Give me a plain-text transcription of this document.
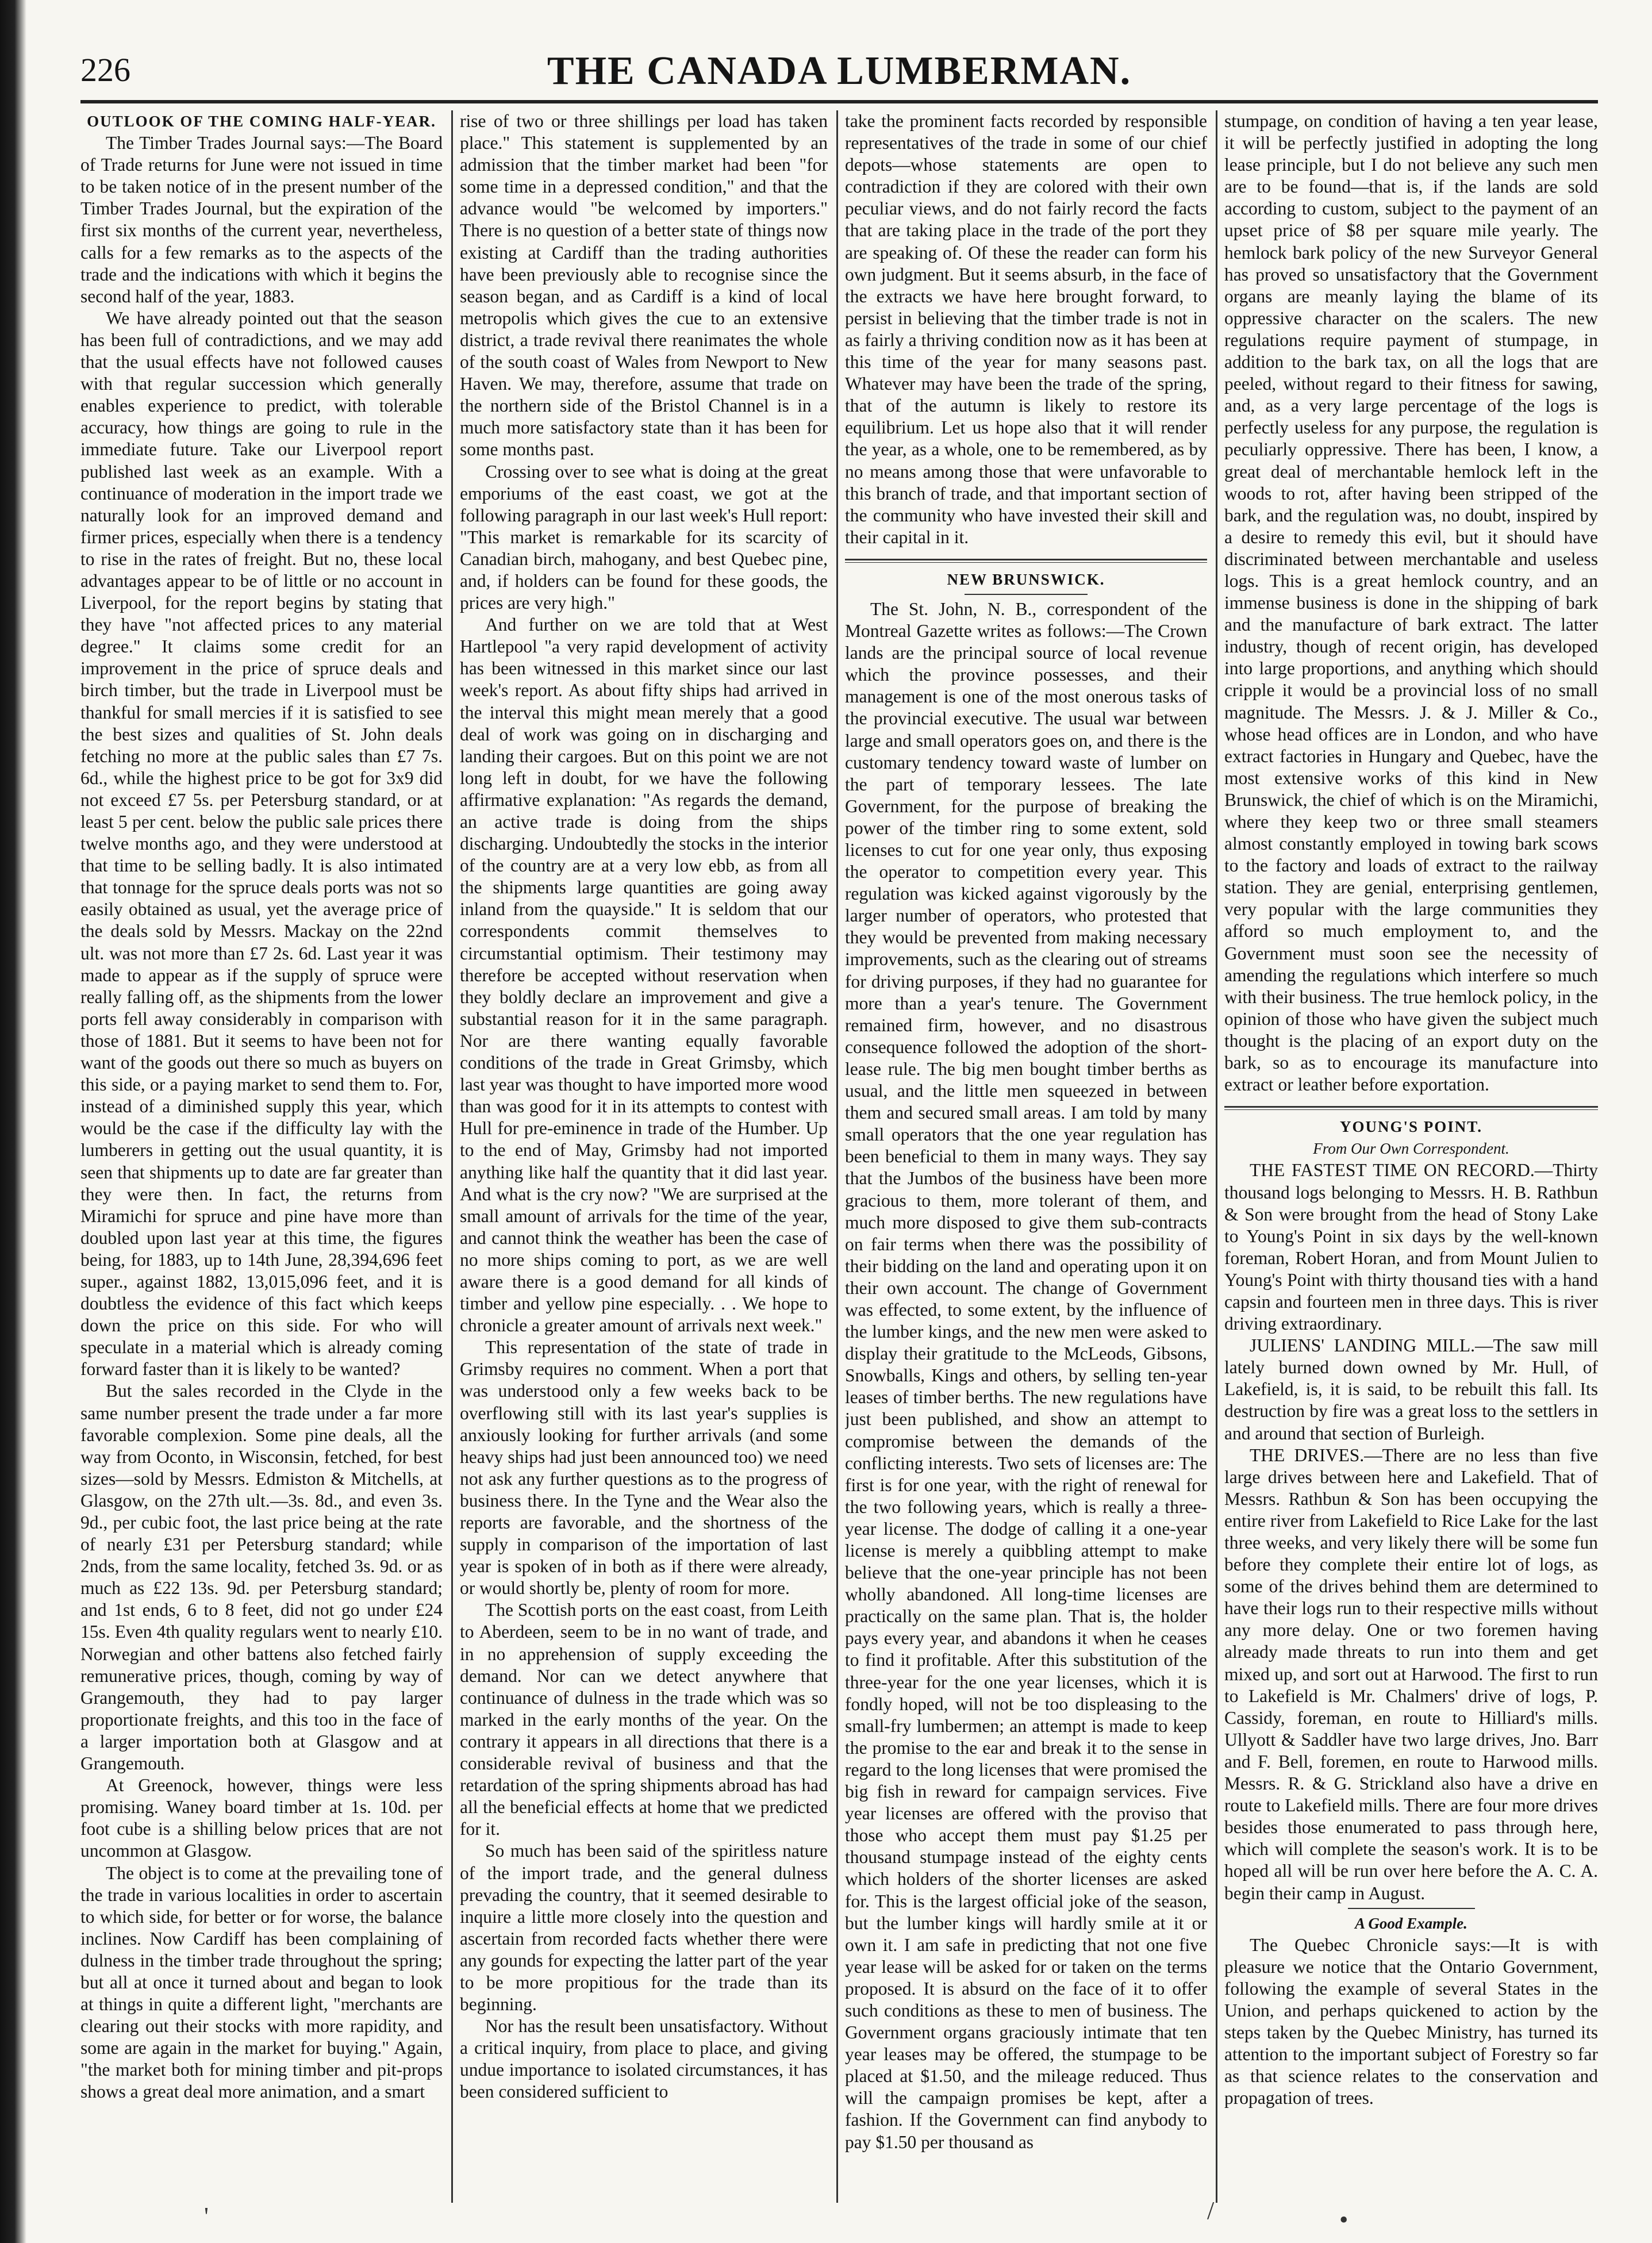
226	THE CANADA LUMBERMAN.

OUTLOOK OF THE COMING HALF-YEAR.

The Timber Trades Journal says:—The Board of Trade returns for June were not issued in time to be taken notice of in the present number of the Timber Trades Journal, but the expiration of the first six months of the current year, nevertheless, calls for a few remarks as to the aspects of the trade and the indications with which it begins the second half of the year, 1883.

We have already pointed out that the season has been full of contradictions, and we may add that the usual effects have not followed causes with that regular succession which generally enables experience to predict, with tolerable accuracy, how things are going to rule in the immediate future. Take our Liverpool report published last week as an example. With a continuance of moderation in the import trade we naturally look for an improved demand and firmer prices, especially when there is a tendency to rise in the rates of freight. But no, these local advantages appear to be of little or no account in Liverpool, for the report begins by stating that they have "not affected prices to any material degree." It claims some credit for an improvement in the price of spruce deals and birch timber, but the trade in Liverpool must be thankful for small mercies if it is satisfied to see the best sizes and qualities of St. John deals fetching no more at the public sales than £7 7s. 6d., while the highest price to be got for 3x9 did not exceed £7 5s. per Petersburg standard, or at least 5 per cent. below the public sale prices there twelve months ago, and they were understood at that time to be selling badly. It is also intimated that tonnage for the spruce deals ports was not so easily obtained as usual, yet the average price of the deals sold by Messrs. Mackay on the 22nd ult. was not more than £7 2s. 6d. Last year it was made to appear as if the supply of spruce were really falling off, as the shipments from the lower ports fell away considerably in comparison with those of 1881. But it seems to have been not for want of the goods out there so much as buyers on this side, or a paying market to send them to. For, instead of a diminished supply this year, which would be the case if the difficulty lay with the lumberers in getting out the usual quantity, it is seen that shipments up to date are far greater than they were then. In fact, the returns from Miramichi for spruce and pine have more than doubled upon last year at this time, the figures being, for 1883, up to 14th June, 28,394,696 feet super., against 1882, 13,015,096 feet, and it is doubtless the evidence of this fact which keeps down the price on this side. For who will speculate in a material which is already coming forward faster than it is likely to be wanted?

But the sales recorded in the Clyde in the same number present the trade under a far more favorable complexion. Some pine deals, all the way from Oconto, in Wisconsin, fetched, for best sizes—sold by Messrs. Edmiston & Mitchells, at Glasgow, on the 27th ult.—3s. 8d., and even 3s. 9d., per cubic foot, the last price being at the rate of nearly £31 per Petersburg standard; while 2nds, from the same locality, fetched 3s. 9d. or as much as £22 13s. 9d. per Petersburg standard; and 1st ends, 6 to 8 feet, did not go under £24 15s. Even 4th quality regulars went to nearly £10. Norwegian and other battens also fetched fairly remunerative prices, though, coming by way of Grangemouth, they had to pay larger proportionate freights, and this too in the face of a larger importation both at Glasgow and at Grangemouth.

At Greenock, however, things were less promising. Waney board timber at 1s. 10d. per foot cube is a shilling below prices that are not uncommon at Glasgow.

The object is to come at the prevailing tone of the trade in various localities in order to ascertain to which side, for better or for worse, the balance inclines. Now Cardiff has been complaining of dulness in the timber trade throughout the spring; but all at once it turned about and began to look at things in quite a different light, "merchants are clearing out their stocks with more rapidity, and some are again in the market for buying." Again, "the market both for mining timber and pit-props shows a great deal more animation, and a smart

rise of two or three shillings per load has taken place." This statement is supplemented by an admission that the timber market had been "for some time in a depressed condition," and that the advance would "be welcomed by importers." There is no question of a better state of things now existing at Cardiff than the trading authorities have been previously able to recognise since the season began, and as Cardiff is a kind of local metropolis which gives the cue to an extensive district, a trade revival there reanimates the whole of the south coast of Wales from Newport to New Haven. We may, therefore, assume that trade on the northern side of the Bristol Channel is in a much more satisfactory state than it has been for some months past.

Crossing over to see what is doing at the great emporiums of the east coast, we got at the following paragraph in our last week's Hull report: "This market is remarkable for its scarcity of Canadian birch, mahogany, and best Quebec pine, and, if holders can be found for these goods, the prices are very high."

And further on we are told that at West Hartlepool "a very rapid development of activity has been witnessed in this market since our last week's report. As about fifty ships had arrived in the interval this might mean merely that a good deal of work was going on in discharging and landing their cargoes. But on this point we are not long left in doubt, for we have the following affirmative explanation: "As regards the demand, an active trade is doing from the ships discharging. Undoubtedly the stocks in the interior of the country are at a very low ebb, as from all the shipments large quantities are going away inland from the quayside." It is seldom that our correspondents commit themselves to circumstantial optimism. Their testimony may therefore be accepted without reservation when they boldly declare an improvement and give a substantial reason for it in the same paragraph. Nor are there wanting equally favorable conditions of the trade in Great Grimsby, which last year was thought to have imported more wood than was good for it in its attempts to contest with Hull for pre-eminence in trade of the Humber. Up to the end of May, Grimsby had not imported anything like half the quantity that it did last year. And what is the cry now? "We are surprised at the small amount of arrivals for the time of the year, and cannot think the weather has been the case of no more ships coming to port, as we are well aware there is a good demand for all kinds of timber and yellow pine especially. . . We hope to chronicle a greater amount of arrivals next week."

This representation of the state of trade in Grimsby requires no comment. When a port that was understood only a few weeks back to be overflowing still with its last year's supplies is anxiously looking for further arrivals (and some heavy ships had just been announced too) we need not ask any further questions as to the progress of business there. In the Tyne and the Wear also the reports are favorable, and the shortness of the supply in comparison of the importation of last year is spoken of in both as if there were already, or would shortly be, plenty of room for more.

The Scottish ports on the east coast, from Leith to Aberdeen, seem to be in no want of trade, and in no apprehension of supply exceeding the demand. Nor can we detect anywhere that continuance of dulness in the trade which was so marked in the early months of the year. On the contrary it appears in all directions that there is a considerable revival of business and that the retardation of the spring shipments abroad has had all the beneficial effects at home that we predicted for it.

So much has been said of the spiritless nature of the import trade, and the general dulness prevading the country, that it seemed desirable to inquire a little more closely into the question and ascertain from recorded facts whether there were any gounds for expecting the latter part of the year to be more propitious for the trade than its beginning.

Nor has the result been unsatisfactory. Without a critical inquiry, from place to place, and giving undue importance to isolated circumstances, it has been considered sufficient to

take the prominent facts recorded by responsible representatives of the trade in some of our chief depots—whose statements are open to contradiction if they are colored with their own peculiar views, and do not fairly record the facts that are taking place in the trade of the port they are speaking of. Of these the reader can form his own judgment. But it seems absurb, in the face of the extracts we have here brought forward, to persist in believing that the timber trade is not in as fairly a thriving condition now as it has been at this time of the year for many seasons past. Whatever may have been the trade of the spring, that of the autumn is likely to restore its equilibrium. Let us hope also that it will render the year, as a whole, one to be remembered, as by no means among those that were unfavorable to this branch of trade, and that important section of the community who have invested their skill and their capital in it.

NEW BRUNSWICK.

The St. John, N. B., correspondent of the Montreal Gazette writes as follows:—The Crown lands are the principal source of local revenue which the province possesses, and their management is one of the most onerous tasks of the provincial executive. The usual war between large and small operators goes on, and there is the customary tendency toward waste of lumber on the part of temporary lessees. The late Government, for the purpose of breaking the power of the timber ring to some extent, sold licenses to cut for one year only, thus exposing the operator to competition every year. This regulation was kicked against vigorously by the larger number of operators, who protested that they would be prevented from making necessary improvements, such as the clearing out of streams for driving purposes, if they had no guarantee for more than a year's tenure. The Government remained firm, however, and no disastrous consequence followed the adoption of the short-lease rule. The big men bought timber berths as usual, and the little men squeezed in between them and secured small areas. I am told by many small operators that the one year regulation has been beneficial to them in many ways. They say that the Jumbos of the business have been more gracious to them, more tolerant of them, and much more disposed to give them sub-contracts on fair terms when there was the possibility of their bidding on the land and operating upon it on their own account. The change of Government was effected, to some extent, by the influence of the lumber kings, and the new men were asked to display their gratitude to the McLeods, Gibsons, Snowballs, Kings and others, by selling ten-year leases of timber berths. The new regulations have just been published, and show an attempt to compromise between the demands of the conflicting interests. Two sets of licenses are: The first is for one year, with the right of renewal for the two following years, which is really a three-year license. The dodge of calling it a one-year license is merely a quibbling attempt to make believe that the one-year principle has not been wholly abandoned. All long-time licenses are practically on the same plan. That is, the holder pays every year, and abandons it when he ceases to find it profitable. After this substitution of the three-year for the one year licenses, which it is fondly hoped, will not be too displeasing to the small-fry lumbermen; an attempt is made to keep the promise to the ear and break it to the sense in regard to the long licenses that were promised the big fish in reward for campaign services. Five year licenses are offered with the proviso that those who accept them must pay $1.25 per thousand stumpage instead of the eighty cents which holders of the shorter licenses are asked for. This is the largest official joke of the season, but the lumber kings will hardly smile at it or own it. I am safe in predicting that not one five year lease will be asked for or taken on the terms proposed. It is absurd on the face of it to offer such conditions as these to men of business. The Government organs graciously intimate that ten year leases may be offered, the stumpage to be placed at $1.50, and the mileage reduced. Thus will the campaign promises be kept, after a fashion. If the Government can find anybody to pay $1.50 per thousand as

stumpage, on condition of having a ten year lease, it will be perfectly justified in adopting the long lease principle, but I do not believe any such men are to be found—that is, if the lands are sold according to custom, subject to the payment of an upset price of $8 per square mile yearly. The hemlock bark policy of the new Surveyor General has proved so unsatisfactory that the Government organs are meanly laying the blame of its oppressive character on the scalers. The new regulations require payment of stumpage, in addition to the bark tax, on all the logs that are peeled, without regard to their fitness for sawing, and, as a very large percentage of the logs is perfectly useless for any purpose, the regulation is peculiarly oppressive. There has been, I know, a great deal of merchantable hemlock left in the woods to rot, after having been stripped of the bark, and the regulation was, no doubt, inspired by a desire to remedy this evil, but it should have discriminated between merchantable and useless logs. This is a great hemlock country, and an immense business is done in the shipping of bark and the manufacture of bark extract. The latter industry, though of recent origin, has developed into large proportions, and anything which should cripple it would be a provincial loss of no small magnitude. The Messrs. J. & J. Miller & Co., whose head offices are in London, and who have extract factories in Hungary and Quebec, have the most extensive works of this kind in New Brunswick, the chief of which is on the Miramichi, where they keep two or three small steamers almost constantly employed in towing bark scows to the factory and loads of extract to the railway station. They are genial, enterprising gentlemen, very popular with the large communities they afford so much employment to, and the Government must soon see the necessity of amending the regulations which interfere so much with their business. The true hemlock policy, in the opinion of those who have given the subject much thought is the placing of an export duty on the bark, so as to encourage its manufacture into extract or leather before exportation.

YOUNG'S POINT.

From Our Own Correspondent.

THE FASTEST TIME ON RECORD.—Thirty thousand logs belonging to Messrs. H. B. Rathbun & Son were brought from the head of Stony Lake to Young's Point in six days by the well-known foreman, Robert Horan, and from Mount Julien to Young's Point with thirty thousand ties with a hand capsin and fourteen men in three days. This is river driving extraordinary.

JULIENS' LANDING MILL.—The saw mill lately burned down owned by Mr. Hull, of Lakefield, is, it is said, to be rebuilt this fall. Its destruction by fire was a great loss to the settlers in and around that section of Burleigh.

THE DRIVES.—There are no less than five large drives between here and Lakefield. That of Messrs. Rathbun & Son has been occupying the entire river from Lakefield to Rice Lake for the last three weeks, and very likely there will be some fun before they complete their entire lot of logs, as some of the drives behind them are determined to have their logs run to their respective mills without any more delay. One or two foremen having already made threats to run into them and get mixed up, and sort out at Harwood. The first to run to Lakefield is Mr. Chalmers' drive of logs, P. Cassidy, foreman, en route to Hilliard's mills. Ullyott & Saddler have two large drives, Jno. Barr and F. Bell, foremen, en route to Harwood mills. Messrs. R. & G. Strickland also have a drive en route to Lakefield mills. There are four more drives besides those enumerated to pass through here, which will complete the season's work. It is to be hoped all will be run over here before the A. C. A. begin their camp in August.

A Good Example.

The Quebec Chronicle says:—It is with pleasure we notice that the Ontario Government, following the example of several States in the Union, and perhaps quickened to action by the steps taken by the Quebec Ministry, has turned its attention to the important subject of Forestry so far as that science relates to the conservation and propagation of trees.

'	/	•
